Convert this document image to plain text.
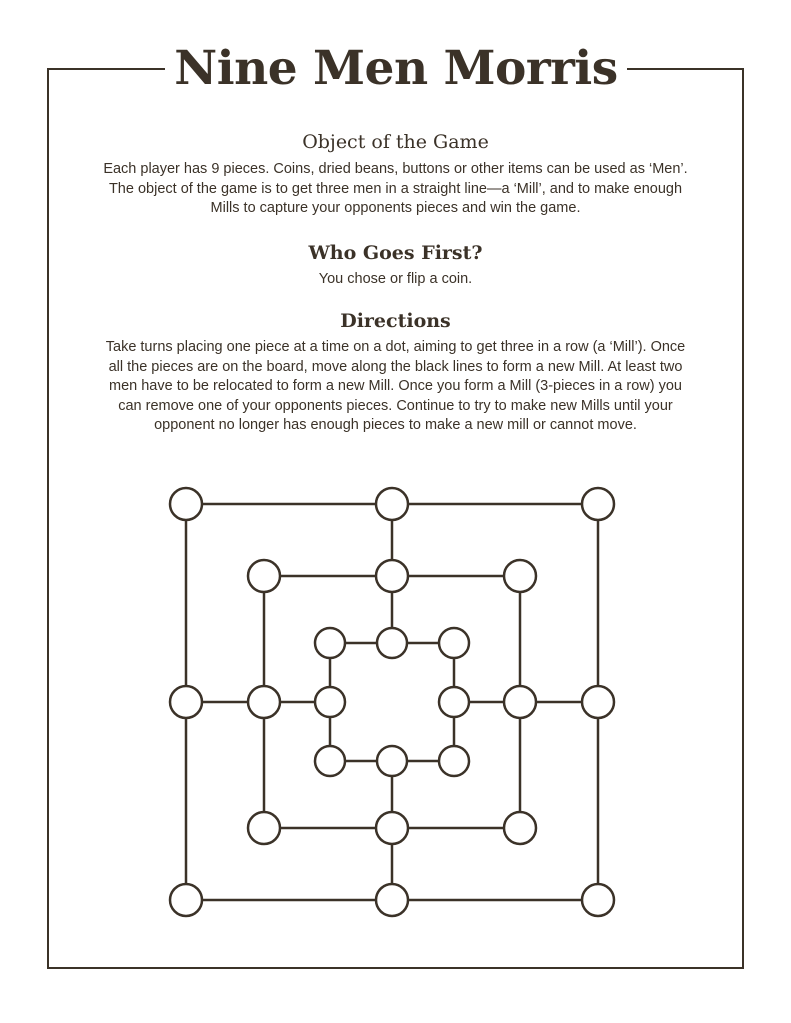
Nine Men Morris
Object of the Game

Each player has 9 pieces. Coins, dried beans, buttons or other items can be used as ‘Men’. The object of the game is to get three men in a straight line—a ‘Mill’, and to make enough Mills to capture your opponents pieces and win the game.

Who Goes First?

You chose or flip a coin.

Directions

Take turns placing one piece at a time on a dot, aiming to get three in a row (a ‘Mill’). Once all the pieces are on the board, move along the black lines to form a new Mill. At least two men have to be relocated to form a new Mill. Once you form a Mill (3-pieces in a row) you can remove one of your opponents pieces. Continue to try to make new Mills until your opponent no longer has enough pieces to make a new mill or cannot move.
